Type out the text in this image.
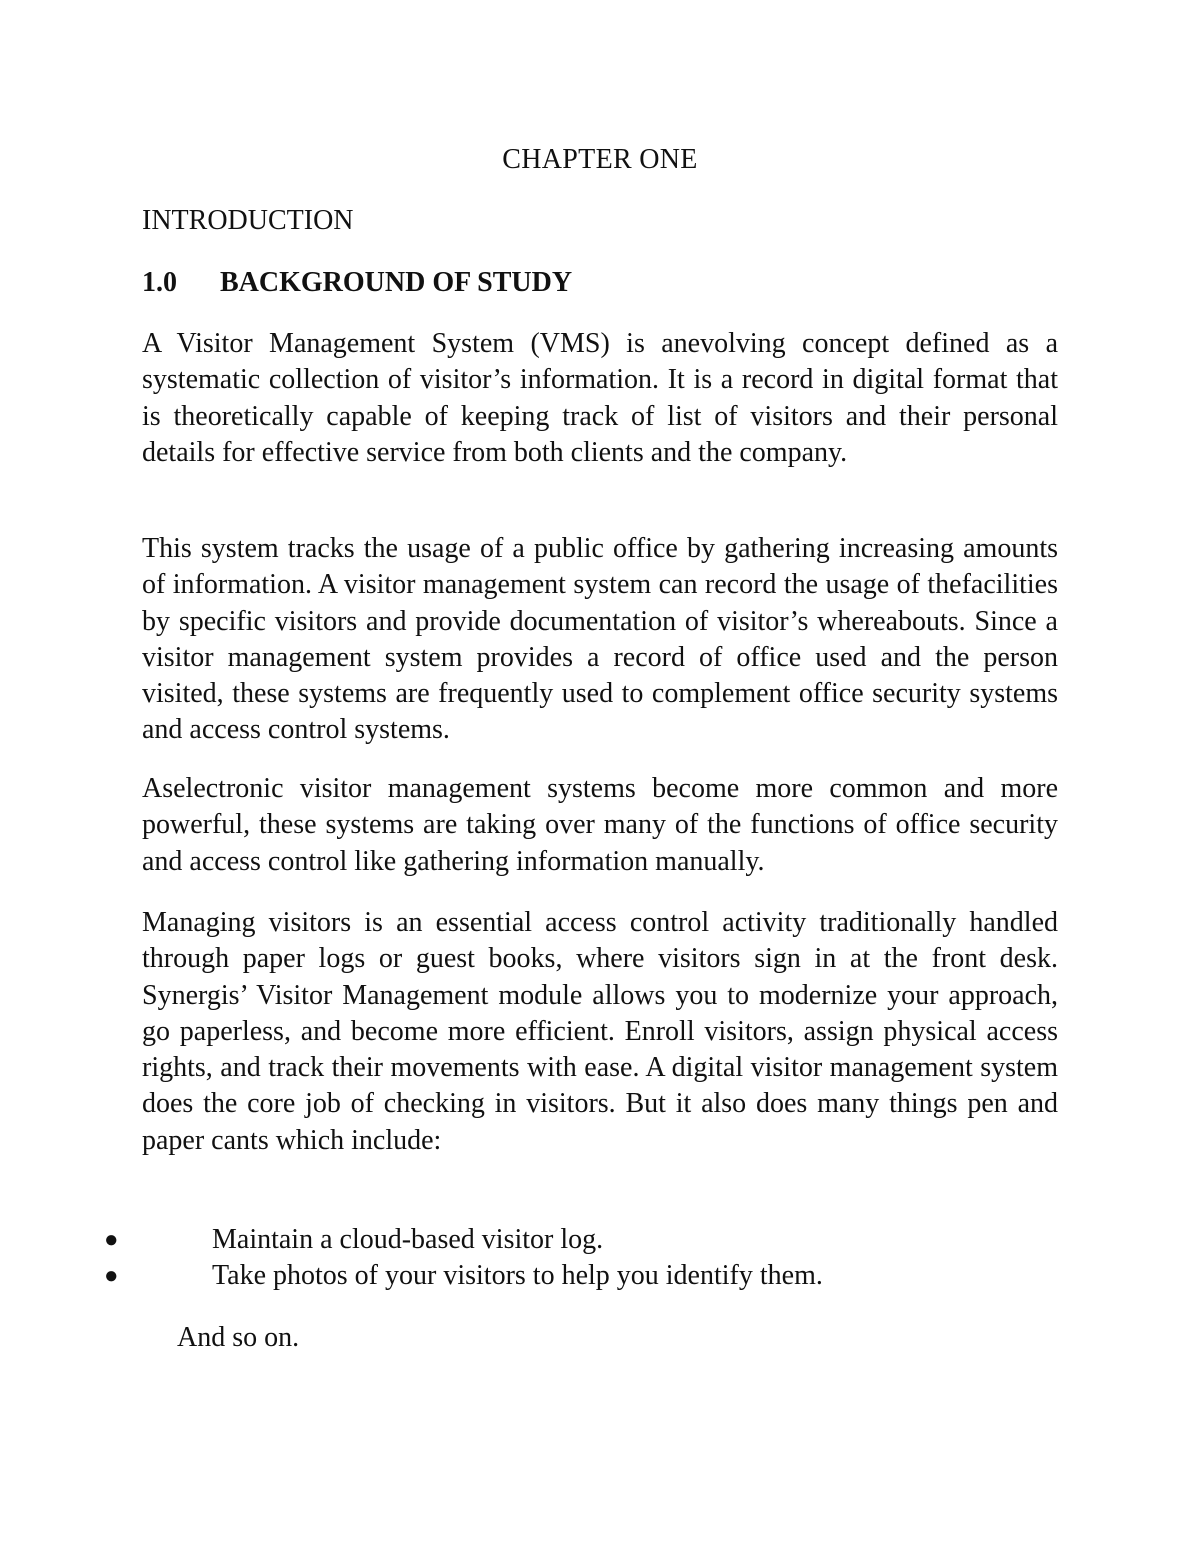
CHAPTER ONE
INTRODUCTION
1.0 BACKGROUND OF STUDY

A Visitor Management System (VMS) is anevolving concept defined as a systematic collection of visitor’s information. It is a record in digital format that is theoretically capable of keeping track of list of visitors and their personal details for effective service from both clients and the company.

This system tracks the usage of a public office by gathering increasing amounts of information. A visitor management system can record the usage of thefacilities by specific visitors and provide documentation of visitor’s whereabouts. Since a visitor management system provides a record of office used and the person visited, these systems are frequently used to complement office security systems and access control systems.

Aselectronic visitor management systems become more common and more powerful, these systems are taking over many of the functions of office security and access control like gathering information manually.

Managing visitors is an essential access control activity traditionally handled through paper logs or guest books, where visitors sign in at the front desk. Synergis’ Visitor Management module allows you to modernize your approach, go paperless, and become more efficient. Enroll visitors, assign physical access rights, and track their movements with ease. A digital visitor management system does the core job of checking in visitors. But it also does many things pen and paper cants which include:

●	Maintain a cloud-based visitor log.
●	Take photos of your visitors to help you identify them.
And so on.
